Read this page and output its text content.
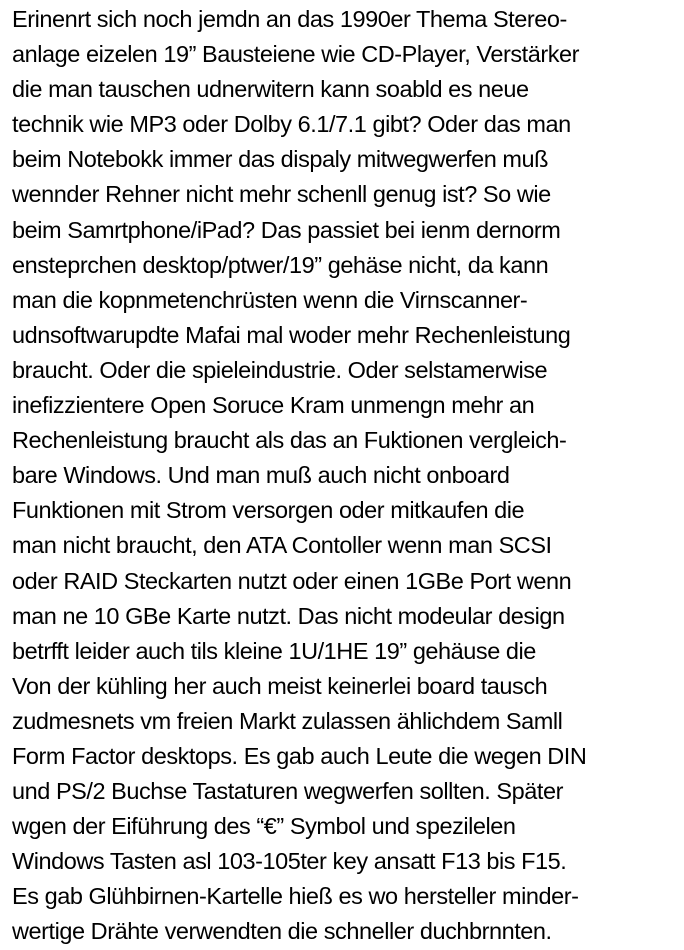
Erinenrt sich noch jemdn an das 1990er Thema Stereo-
anlage eizelen 19” Bausteiene wie CD-Player, Verstärker
die man tauschen udnerwitern kann soabld es neue
technik wie MP3 oder Dolby 6.1/7.1 gibt? Oder das man
beim Notebokk immer das dispaly mitwegwerfen muß
wennder Rehner nicht mehr schenll genug ist? So wie
beim Samrtphone/iPad? Das passiet bei ienm dernorm
ensteprchen desktop/ptwer/19” gehäse nicht, da kann
man die kopnmetenchrüsten wenn die Virnscanner-
udnsoftwarupdte Mafai mal woder mehr Rechenleistung
braucht. Oder die spieleindustrie. Oder selstamerwise
inefizzientere Open Soruce Kram unmengn mehr an
Rechenleistung braucht als das an Fuktionen vergleich-
bare Windows. Und man muß auch nicht onboard
Funktionen mit Strom versorgen oder mitkaufen die
man nicht braucht, den ATA Contoller wenn man SCSI
oder RAID Steckarten nutzt oder einen 1GBe Port wenn
man ne 10 GBe Karte nutzt. Das nicht modeular design
betrfft leider auch tils kleine 1U/1HE 19” gehäuse die
Von der kühling her auch meist keinerlei board tausch
zudmesnets vm freien Markt zulassen ählichdem Samll
Form Factor desktops. Es gab auch Leute die wegen DIN
und PS/2 Buchse Tastaturen wegwerfen sollten. Später
wgen der Eiführung des “€” Symbol und spezilelen
Windows Tasten asl 103-105ter key ansatt F13 bis F15.
Es gab Glühbirnen-Kartelle hieß es wo hersteller minder-
wertige Drähte verwendten die schneller duchbrnnten.
